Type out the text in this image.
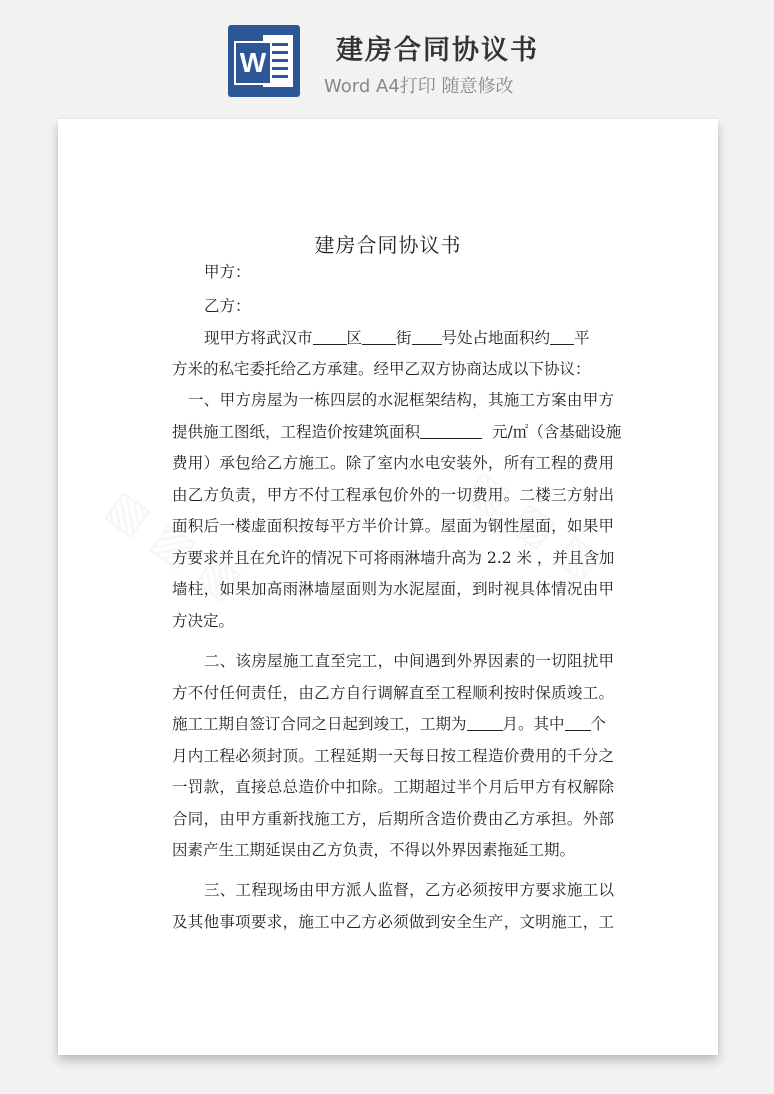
W	建房合同协议书
Word A4打印 随意修改
建房合同协议书
甲方：
乙方：
现甲方将武汉市 区 街 号处占地面积约 平
方米的私宅委托给乙方承建。经甲乙双方协商达成以下协议：
一、甲方房屋为一栋四层的水泥框架结构，其施工方案由甲方
提供施工图纸，工程造价按建筑面积	元/㎡（含基础设施
费用）承包给乙方施工。除了室内水电安装外，所有工程的费用
由乙方负责，甲方不付工程承包价外的一切费用。二楼三方射出
面积后一楼虚面积按每平方半价计算。屋面为钢性屋面，如果甲
方要求并且在允许的情况下可将雨淋墙升高为 2.2 米 ，并且含加
墙柱，如果加高雨淋墙屋面则为水泥屋面，到时视具体情况由甲
方决定。
二、该房屋施工直至完工，中间遇到外界因素的一切阻扰甲
方不付任何责任，由乙方自行调解直至工程顺利按时保质竣工。
施工工期自签订合同之日起到竣工，工期为 月。其中 个
月内工程必须封顶。工程延期一天每日按工程造价费用的千分之
一罚款，直接总总造价中扣除。工期超过半个月后甲方有权解除
合同，由甲方重新找施工方，后期所含造价费由乙方承担。外部
因素产生工期延误由乙方负责，不得以外界因素拖延工期。
三、工程现场由甲方派人监督，乙方必须按甲方要求施工以
及其他事项要求，施工中乙方必须做到安全生产，文明施工，工
